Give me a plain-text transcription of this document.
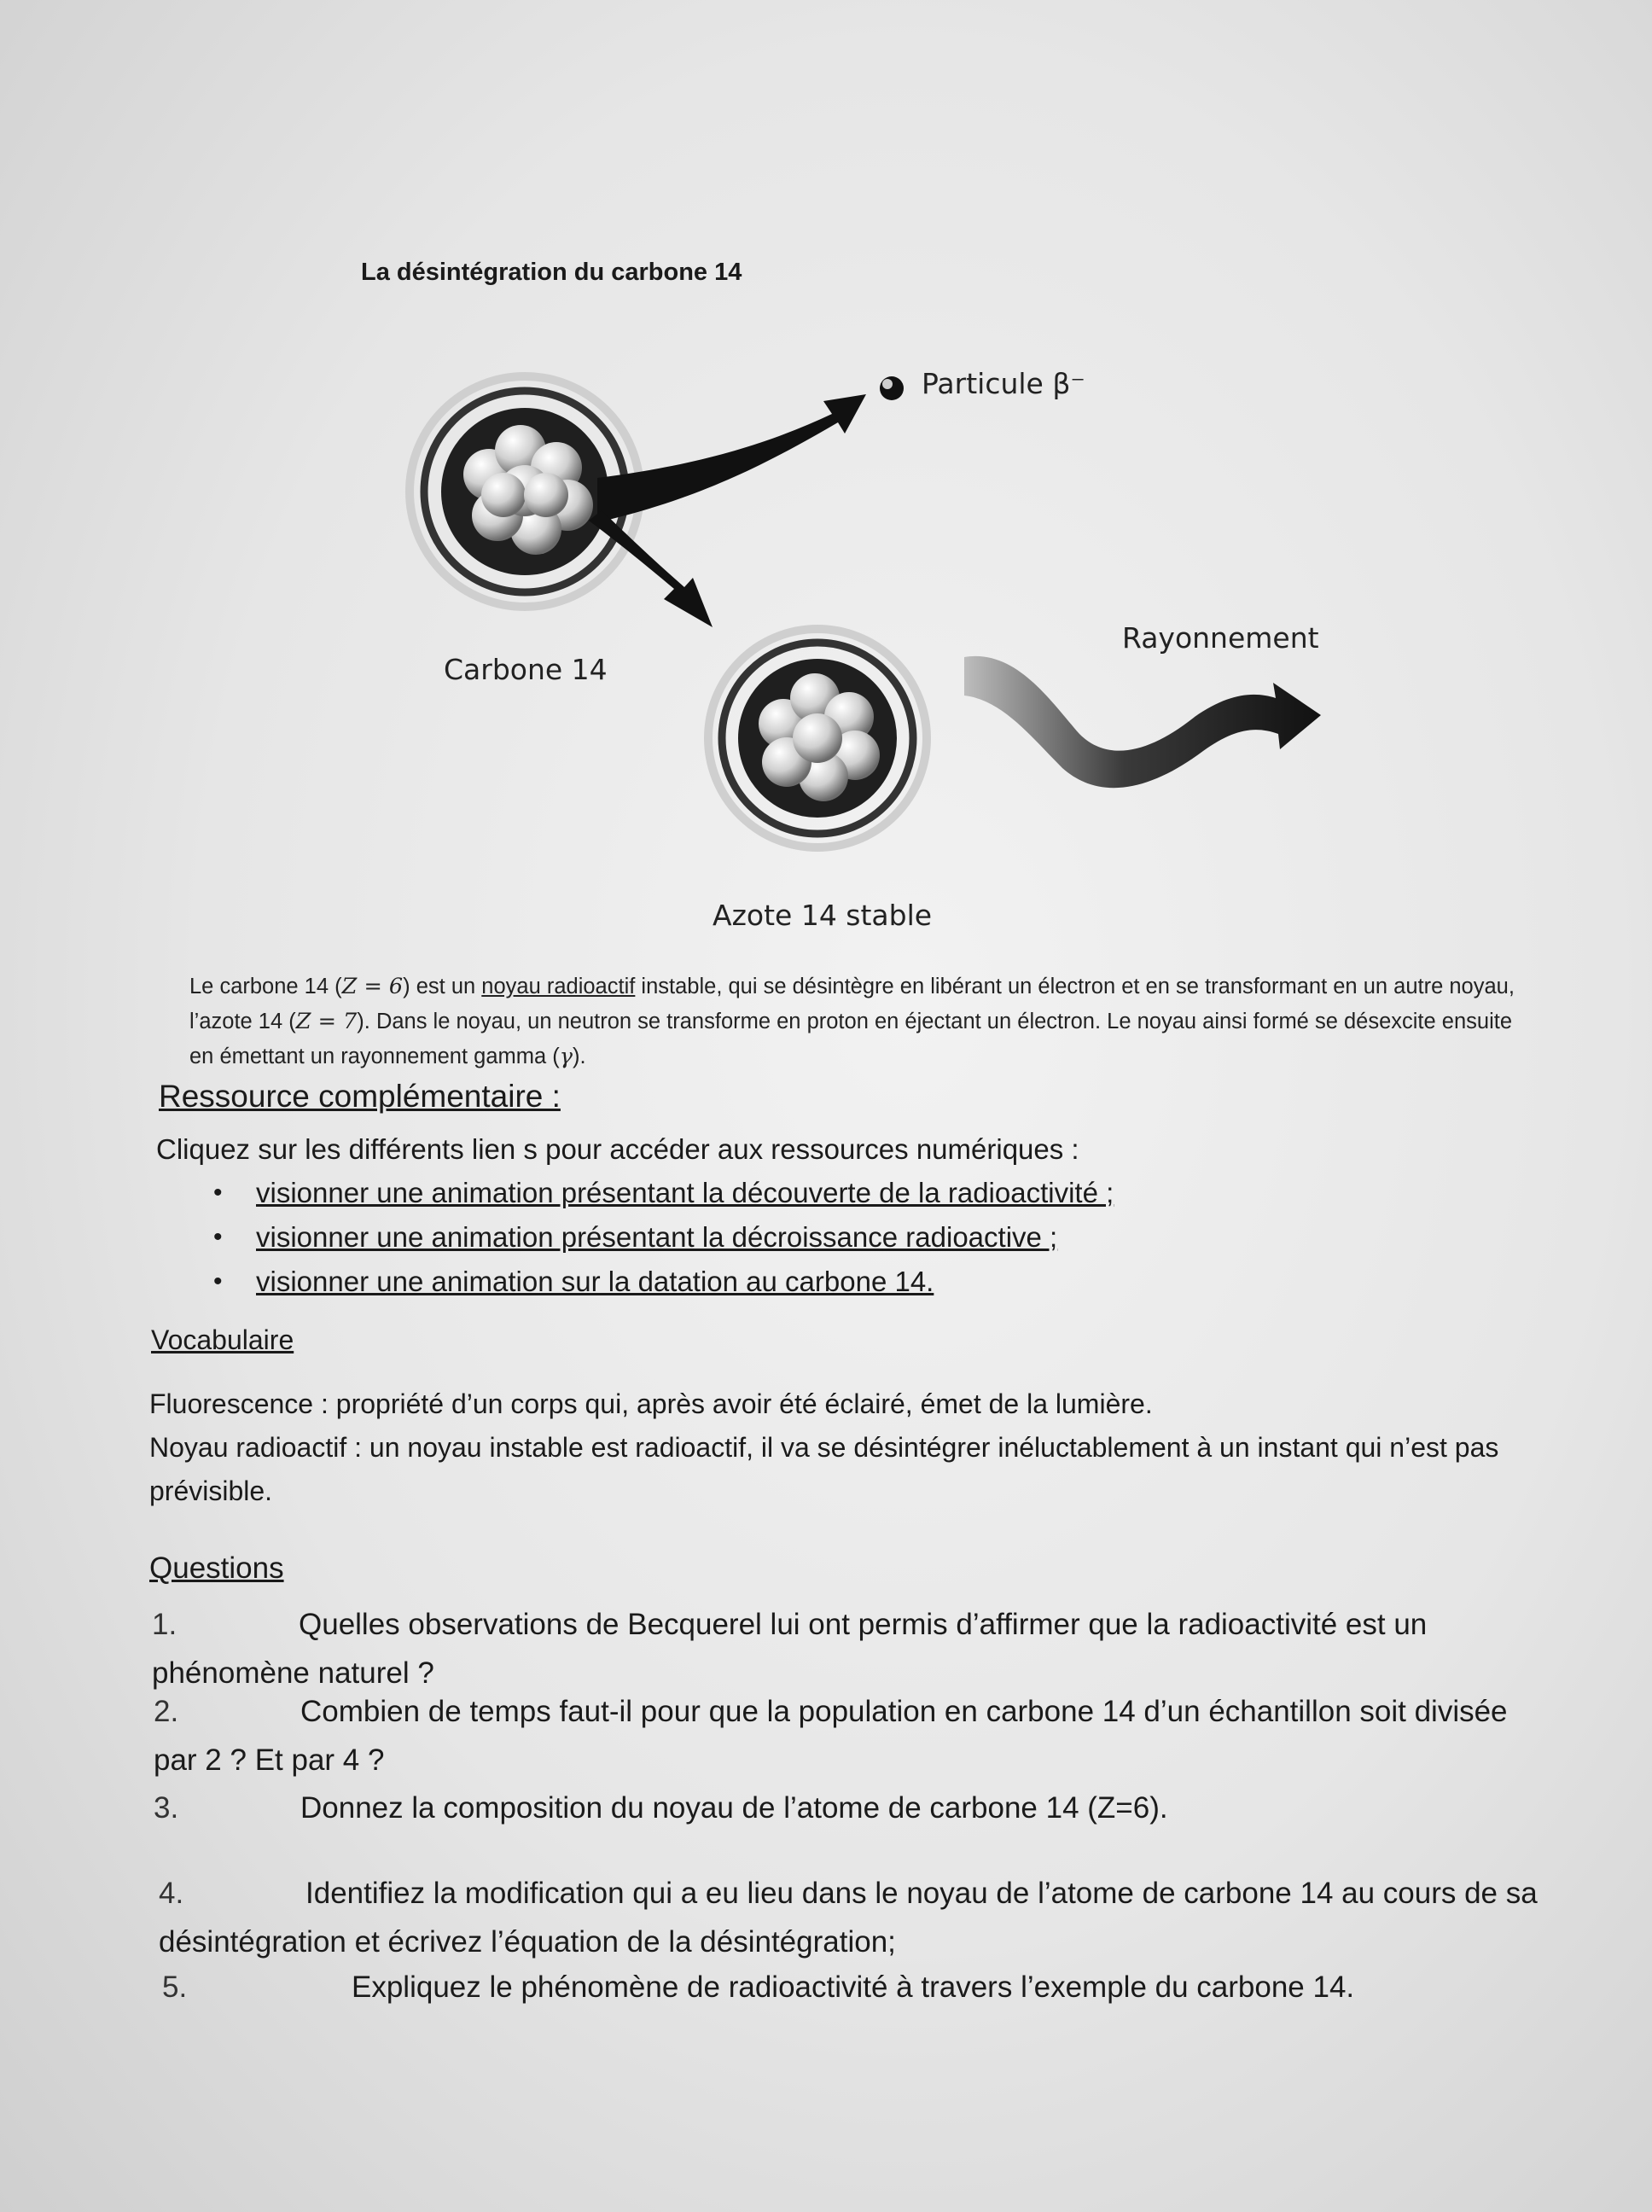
La désintégration du carbone 14
Particule β⁻
Carbone 14
Rayonnement
Azote 14 stable
Le carbone 14 (Z = 6) est un noyau radioactif instable, qui se désintègre en libérant un électron et en se transformant en un autre noyau, l’azote 14 (Z = 7). Dans le noyau, un neutron se transforme en proton en éjectant un électron. Le noyau ainsi formé se désexcite ensuite en émettant un rayonnement gamma (γ).
Ressource complémentaire :
Cliquez sur les différents lien s pour accéder aux ressources numériques :
• visionner une animation présentant la découverte de la radioactivité ;
• visionner une animation présentant la décroissance radioactive ;
• visionner une animation sur la datation au carbone 14.
Vocabulaire

Fluorescence : propriété d’un corps qui, après avoir été éclairé, émet de la lumière.

Noyau radioactif : un noyau instable est radioactif, il va se désintégrer inéluctablement à un instant qui n’est pas prévisible.

Questions
1.	Quelles observations de Becquerel lui ont permis d’affirmer que la radioactivité est un phénomène naturel ?
2.	Combien de temps faut-il pour que la population en carbone 14 d’un échantillon soit divisée par 2 ? Et par 4 ?
3.	Donnez la composition du noyau de l’atome de carbone 14 (Z=6).
4.	Identifiez la modification qui a eu lieu dans le noyau de l’atome de carbone 14 au cours de sa désintégration et écrivez l’équation de la désintégration;
5.	Expliquez le phénomène de radioactivité à travers l’exemple du carbone 14.
